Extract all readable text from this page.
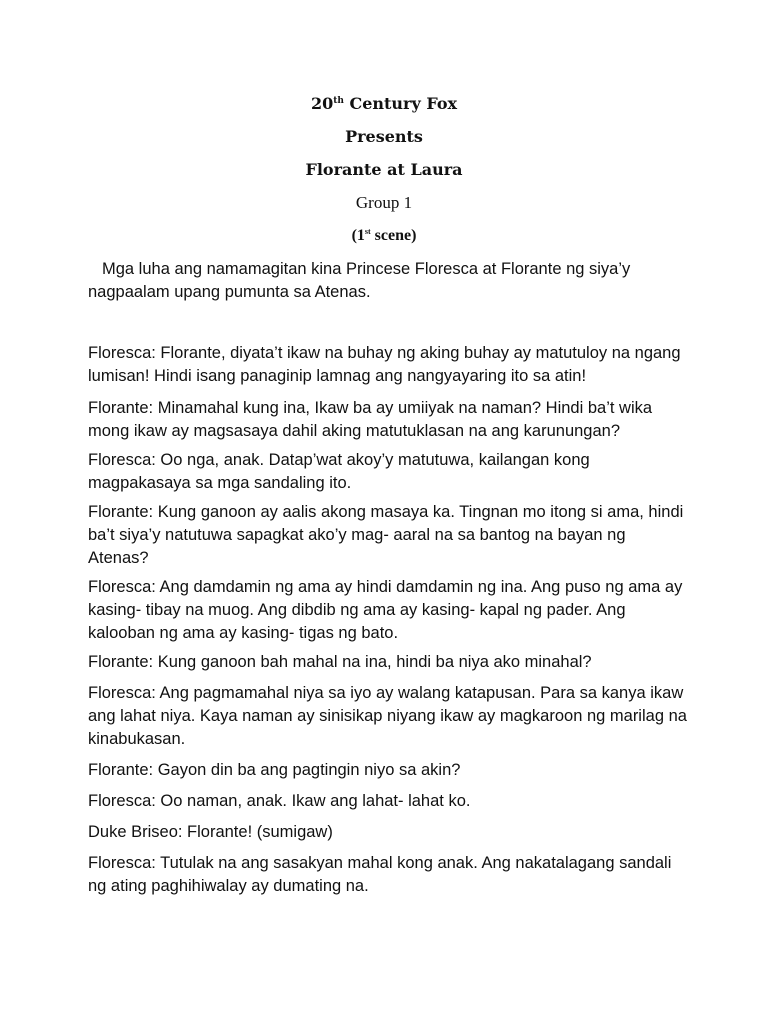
20th Century Fox
Presents
Florante at Laura
Group 1
(1st scene)

Mga luha ang namamagitan kina Princese Floresca at Florante ng siya’y nagpaalam upang pumunta sa Atenas.

Floresca: Florante, diyata’t ikaw na buhay ng aking buhay ay matutuloy na ngang lumisan! Hindi isang panaginip lamnag ang nangyayaring ito sa atin!

Florante: Minamahal kung ina, Ikaw ba ay umiiyak na naman? Hindi ba’t wika mong ikaw ay magsasaya dahil aking matutuklasan na ang karunungan?

Floresca: Oo nga, anak. Datap’wat akoy’y matutuwa, kailangan kong magpakasaya sa mga sandaling ito.

Florante: Kung ganoon ay aalis akong masaya ka. Tingnan mo itong si ama, hindi ba’t siya’y natutuwa sapagkat ako’y mag- aaral na sa bantog na bayan ng Atenas?

Floresca: Ang damdamin ng ama ay hindi damdamin ng ina. Ang puso ng ama ay kasing- tibay na muog. Ang dibdib ng ama ay kasing- kapal ng pader. Ang kalooban ng ama ay kasing- tigas ng bato.

Florante: Kung ganoon bah mahal na ina, hindi ba niya ako minahal?

Floresca: Ang pagmamahal niya sa iyo ay walang katapusan. Para sa kanya ikaw ang lahat niya. Kaya naman ay sinisikap niyang ikaw ay magkaroon ng marilag na kinabukasan.

Florante: Gayon din ba ang pagtingin niyo sa akin?

Floresca: Oo naman, anak. Ikaw ang lahat- lahat ko.

Duke Briseo: Florante! (sumigaw)

Floresca: Tutulak na ang sasakyan mahal kong anak. Ang nakatalagang sandali ng ating paghihiwalay ay dumating na.
